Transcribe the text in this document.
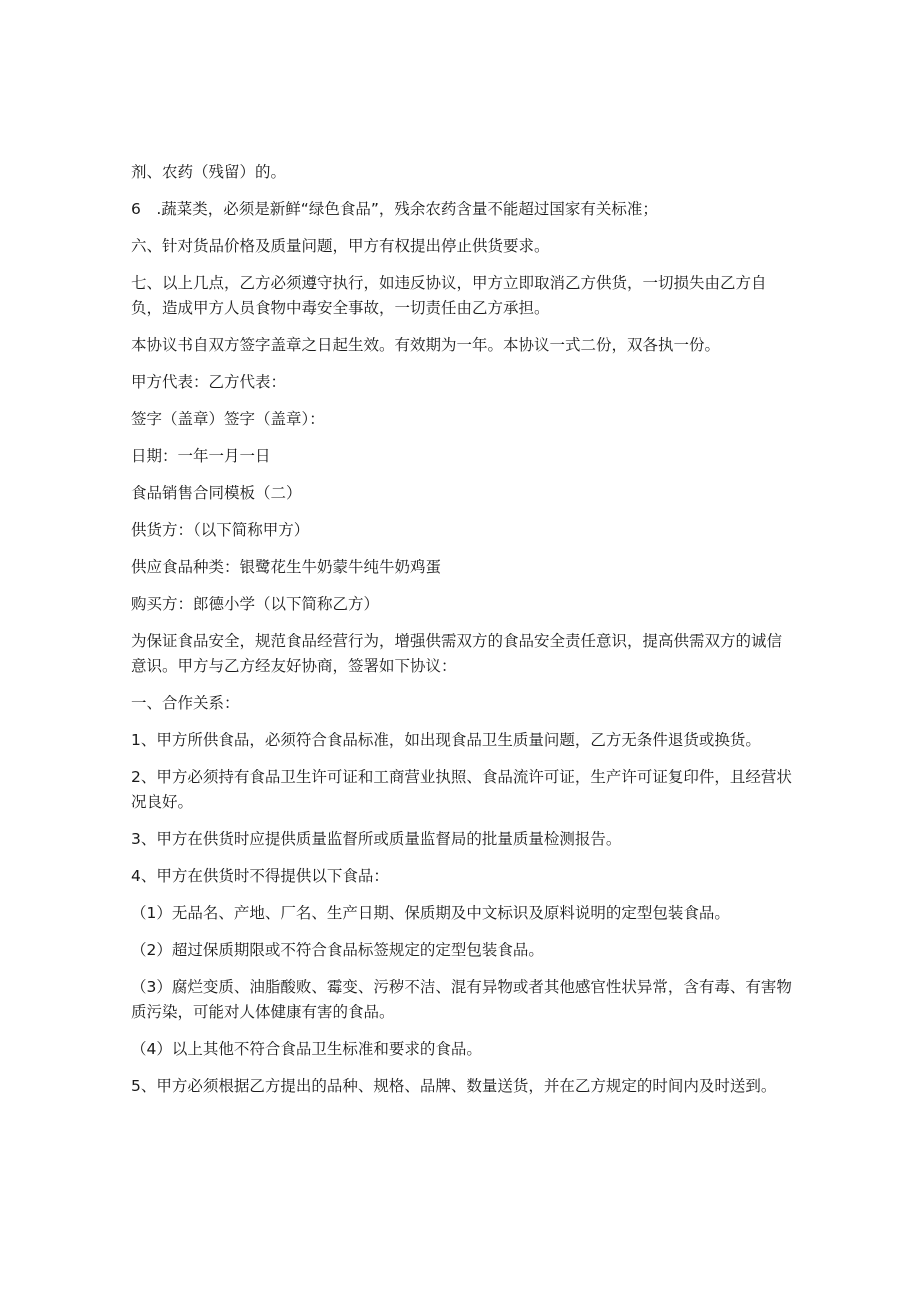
剂、农药（残留）的。

6　.蔬菜类，必须是新鲜“绿色食品”，残余农药含量不能超过国家有关标准；

六、针对货品价格及质量问题，甲方有权提出停止供货要求。

七、以上几点，乙方必须遵守执行，如违反协议，甲方立即取消乙方供货，一切损失由乙方自负，造成甲方人员食物中毒安全事故，一切责任由乙方承担。

本协议书自双方签字盖章之日起生效。有效期为一年。本协议一式二份，双各执一份。

甲方代表：乙方代表：

签字（盖章）签字（盖章）：

日期：一年一月一日

食品销售合同模板（二）

供货方：（以下简称甲方）

供应食品种类：银鹭花生牛奶蒙牛纯牛奶鸡蛋

购买方：郎德小学（以下简称乙方）

为保证食品安全，规范食品经营行为，增强供需双方的食品安全责任意识，提高供需双方的诚信意识。甲方与乙方经友好协商，签署如下协议：

一、合作关系：

1、甲方所供食品，必须符合食品标准，如出现食品卫生质量问题，乙方无条件退货或换货。

2、甲方必须持有食品卫生许可证和工商营业执照、食品流许可证，生产许可证复印件，且经营状况良好。

3、甲方在供货时应提供质量监督所或质量监督局的批量质量检测报告。

4、甲方在供货时不得提供以下食品：

（1）无品名、产地、厂名、生产日期、保质期及中文标识及原料说明的定型包装食品。

（2）超过保质期限或不符合食品标签规定的定型包装食品。

（3）腐烂变质、油脂酸败、霉变、污秽不洁、混有异物或者其他感官性状异常，含有毒、有害物质污染，可能对人体健康有害的食品。

（4）以上其他不符合食品卫生标准和要求的食品。

5、甲方必须根据乙方提出的品种、规格、品牌、数量送货，并在乙方规定的时间内及时送到。
